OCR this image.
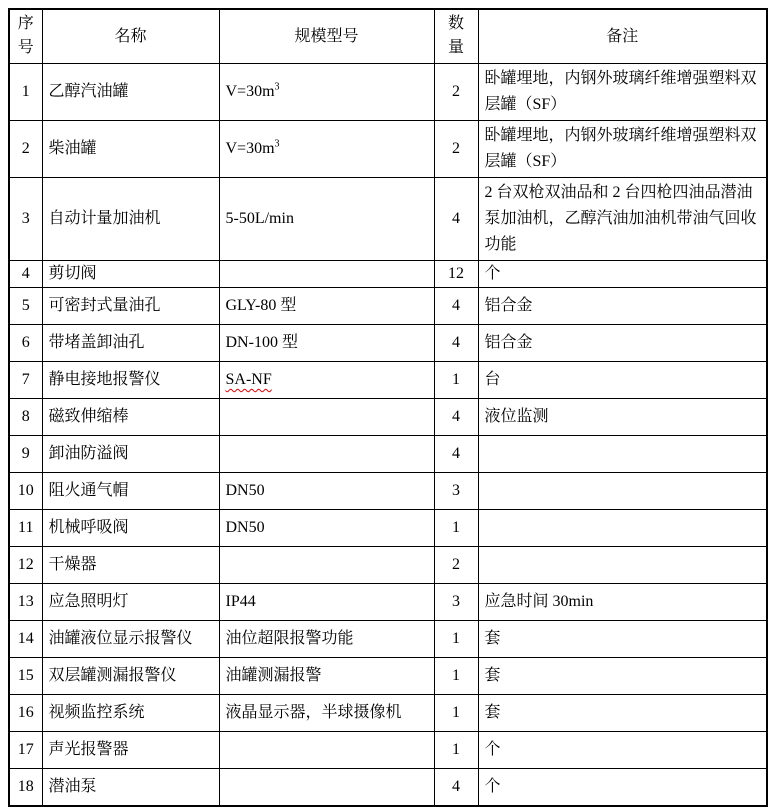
序号	名称	规模型号	数量	备注
1	乙醇汽油罐	$V=30m^3$	2	卧罐埋地，内钢外玻璃纤维增强塑料双层罐（SF）
2	柴油罐	$V=30m^3$	2	卧罐埋地，内钢外玻璃纤维增强塑料双层罐（SF）
3	自动计量加油机	5-50L/min	4	2 台双枪双油品和 2 台四枪四油品潜油泵加油机，乙醇汽油加油机带油气回收功能
4	剪切阀		12	个
5	可密封式量油孔	GLY-80 型	4	铝合金
6	带堵盖卸油孔	DN-100 型	4	铝合金
7	静电接地报警仪	SA-NF	1	台
8	磁致伸缩棒		4	液位监测
9	卸油防溢阀		4	
10	阻火通气帽	DN50	3	
11	机械呼吸阀	DN50	1	
12	干燥器		2	
13	应急照明灯	IP44	3	应急时间 30min
14	油罐液位显示报警仪	油位超限报警功能	1	套
15	双层罐测漏报警仪	油罐测漏报警	1	套
16	视频监控系统	液晶显示器，半球摄像机	1	套
17	声光报警器		1	个
18	潜油泵		4	个
